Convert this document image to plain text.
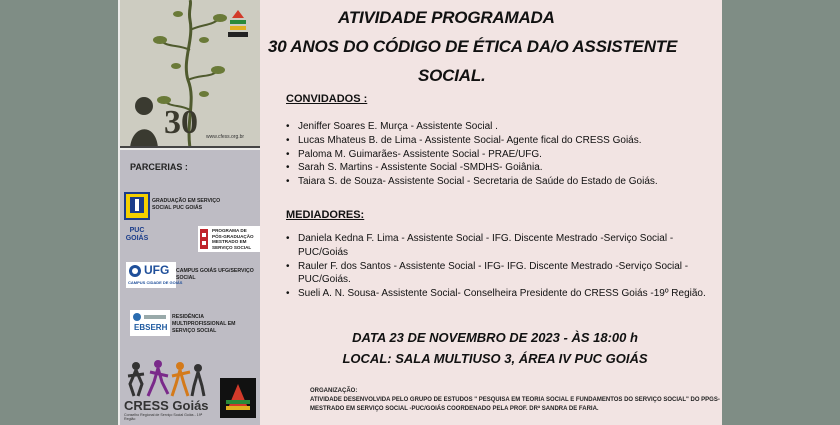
30 www.cfess.org.br
PARCERIAS :
PUC GOIÁS
GRADUAÇÃO EM SERVIÇO SOCIAL PUC GOIÁS
PROGRAMA DE PÓS-GRADUAÇÃO MESTRADO EM SERVIÇO SOCIAL
UFG
CAMPUS CIDADE DE GOIÁS
CAMPUS GOIÁS UFG/SERVIÇO SOCIAL
EBSERH
RESIDÊNCIA MULTIPROFISSIONAL EM SERVIÇO SOCIAL
CRESS Goiás
Conselho Regional de Serviço Social Goiás - 19ª Região
ATIVIDADE PROGRAMADA
30 ANOS DO CÓDIGO DE ÉTICA DA/O ASSISTENTE
SOCIAL.
CONVIDADOS :
• Jeniffer Soares E. Murça - Assistente Social .
• Lucas Mhateus B. de Lima - Assistente Social- Agente fical do CRESS Goiás.
• Paloma M. Guimarães- Assistente Social - PRAE/UFG.
• Sarah S. Martins - Assistente Social -SMDHS- Goiânia.
• Taiara S. de Souza- Assistente Social - Secretaria de Saúde do Estado de Goiás.
MEDIADORES:
• Daniela Kedna F. Lima - Assistente Social - IFG. Discente Mestrado -Serviço Social - PUC/Goiás
• Rauler F. dos Santos - Assistente Social - IFG- IFG. Discente Mestrado -Serviço Social - PUC/Goiás.
• Sueli A. N. Sousa- Assistente Social- Conselheira Presidente do CRESS Goiás -19º Região.
DATA 23 DE NOVEMBRO DE 2023 - ÀS 18:00 h
LOCAL: SALA MULTIUSO 3, ÁREA IV PUC GOIÁS
ORGANIZAÇÃO:
ATIVIDADE DESENVOLVIDA PELO GRUPO DE ESTUDOS " PESQUISA EM TEORIA SOCIAL E FUNDAMENTOS DO SERVIÇO SOCIAL" DO PPGS- MESTRADO EM SERVIÇO SOCIAL -PUC/GOIÁS COORDENADO PELA PROF. DRª SANDRA DE FARIA.
